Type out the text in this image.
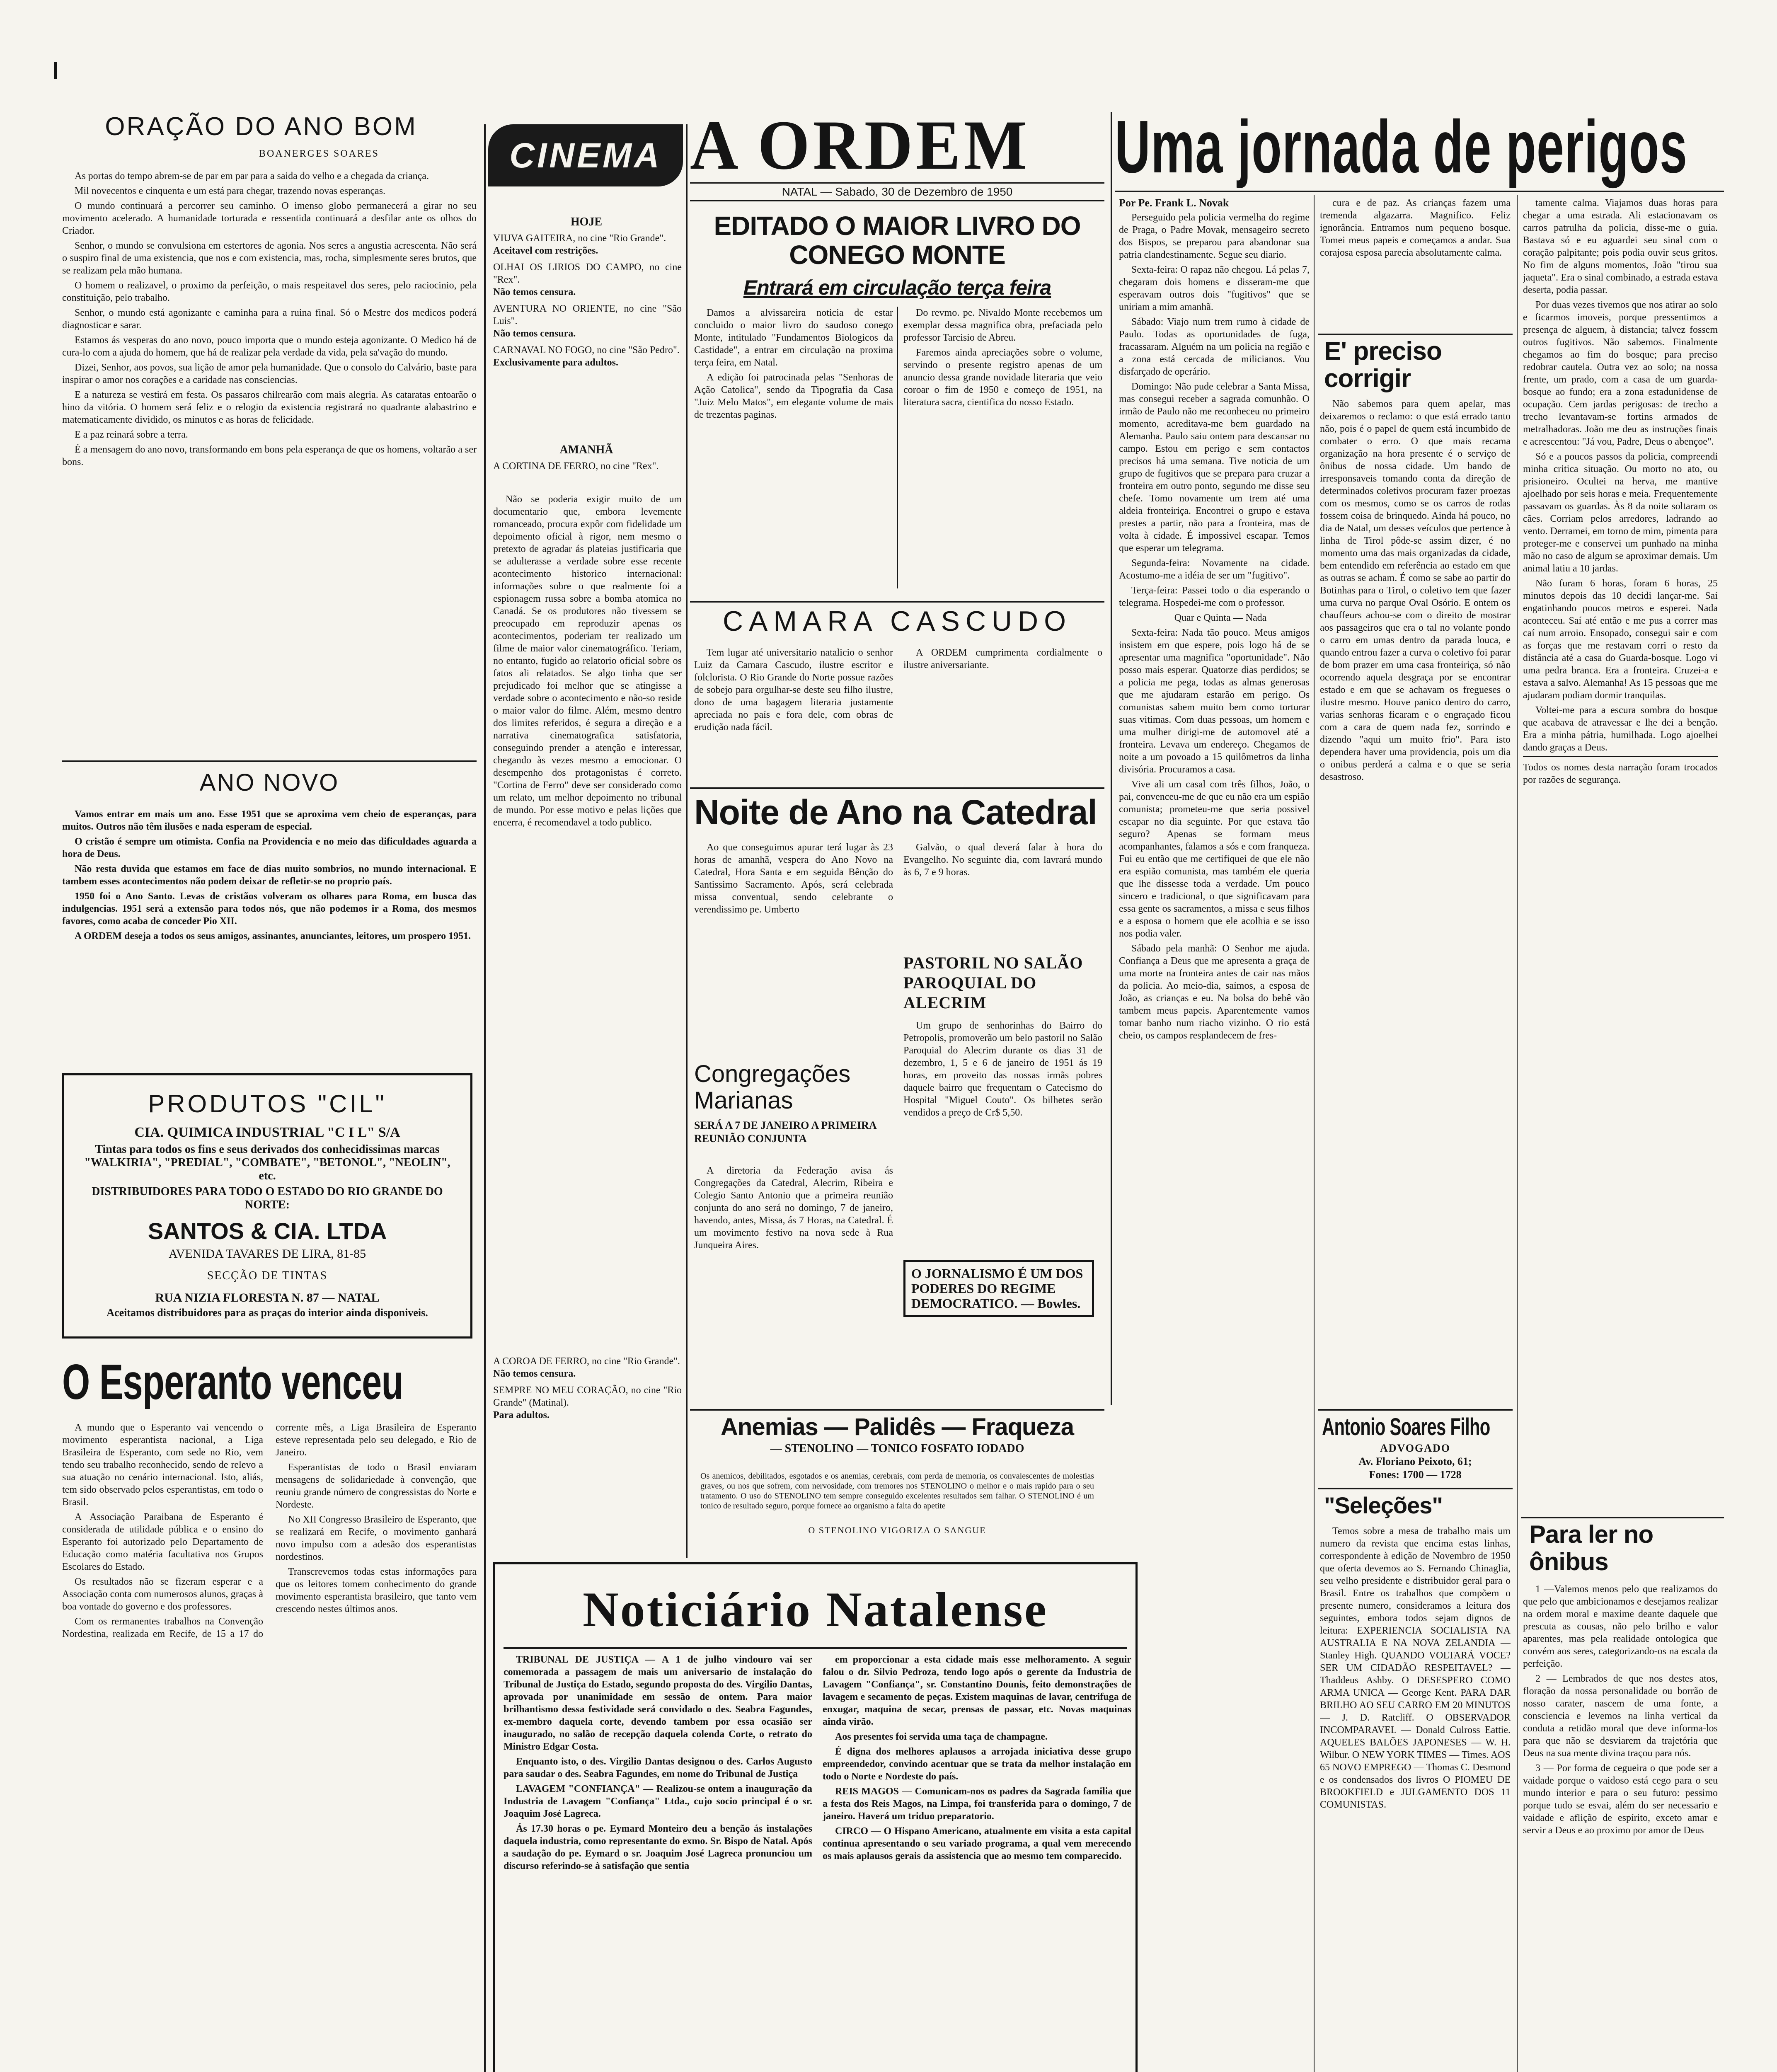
ORAÇÃO DO ANO BOM
BOANERGES SOARES

As portas do tempo abrem-se de par em par para a saida do velho e a chegada da criança.

Mil novecentos e cinquenta e um está para chegar, trazendo novas esperanças.

O mundo continuará a percorrer seu caminho. O imenso globo permanecerá a girar no seu movimento acelerado. A humanidade torturada e ressentida continuará a desfilar ante os olhos do Criador.

Senhor, o mundo se convulsiona em estertores de agonia. Nos seres a angustia acrescenta. Não será o suspiro final de uma existencia, que nos e com existencia, mas, rocha, simplesmente seres brutos, que se realizam pela mão humana.

O homem o realizavel, o proximo da perfeição, o mais respeitavel dos seres, pelo raciocinio, pela constituição, pelo trabalho.

Senhor, o mundo está agonizante e caminha para a ruina final. Só o Mestre dos medicos poderá diagnosticar e sarar.

Estamos ás vesperas do ano novo, pouco importa que o mundo esteja agonizante. O Medico há de cura-lo com a ajuda do homem, que há de realizar pela verdade da vida, pela sa'vação do mundo.

Dizei, Senhor, aos povos, sua lição de amor pela humanidade. Que o consolo do Calvário, baste para inspirar o amor nos corações e a caridade nas consciencias.

E a natureza se vestirá em festa. Os passaros chilrearão com mais alegria. As cataratas entoarão o hino da vitória. O homem será feliz e o relogio da existencia registrará no quadrante alabastrino e matematicamente dividido, os minutos e as horas de felicidade.

E a paz reinará sobre a terra.

É a mensagem do ano novo, transformando em bons pela esperança de que os homens, voltarão a ser bons.

ANO NOVO

Vamos entrar em mais um ano. Esse 1951 que se aproxima vem cheio de esperanças, para muitos. Outros não têm ilusões e nada esperam de especial.

O cristão é sempre um otimista. Confia na Providencia e no meio das dificuldades aguarda a hora de Deus.

Não resta duvida que estamos em face de dias muito sombrios, no mundo internacional. E tambem esses acontecimentos não podem deixar de refletir-se no proprio país.

1950 foi o Ano Santo. Levas de cristãos volveram os olhares para Roma, em busca das indulgencias. 1951 será a extensão para todos nós, que não podemos ir a Roma, dos mesmos favores, como acaba de conceder Pio XII.

A ORDEM deseja a todos os seus amigos, assinantes, anunciantes, leitores, um prospero 1951.

PRODUTOS "CIL"
CIA. QUIMICA INDUSTRIAL "C I L" S/A
Tintas para todos os fins e seus derivados dos conhecidissimas marcas "WALKIRIA", "PREDIAL", "COMBATE", "BETONOL", "NEOLIN", etc.
DISTRIBUIDORES PARA TODO O ESTADO DO RIO GRANDE DO NORTE:
SANTOS & CIA. LTDA
AVENIDA TAVARES DE LIRA, 81-85
SECÇÃO DE TINTAS
RUA NIZIA FLORESTA N. 87 — NATAL
Aceitamos distribuidores para as praças do interior ainda disponiveis.
O Esperanto venceu

A mundo que o Esperanto vai vencendo o movimento esperantista nacional, a Liga Brasileira de Esperanto, com sede no Rio, vem tendo seu trabalho reconhecido, sendo de relevo a sua atuação no cenário internacional. Isto, aliás, tem sido observado pelos esperantistas, em todo o Brasil.

A Associação Paraibana de Esperanto é considerada de utilidade pública e o ensino do Esperanto foi autorizado pelo Departamento de Educação como matéria facultativa nos Grupos Escolares do Estado.

Os resultados não se fizeram esperar e a Associação conta com numerosos alunos, graças à boa vontade do governo e dos professores.

Com os rermanentes trabalhos na Convenção Nordestina, realizada em Recife, de 15 a 17 do corrente mês, a Liga Brasileira de Esperanto esteve representada pelo seu delegado, e Rio de Janeiro.

Esperantistas de todo o Brasil enviaram mensagens de solidariedade à convenção, que reuniu grande número de congressistas do Norte e Nordeste.

No XII Congresso Brasileiro de Esperanto, que se realizará em Recife, o movimento ganhará novo impulso com a adesão dos esperantistas nordestinos.

Transcrevemos todas estas informações para que os leitores tomem conhecimento do grande movimento esperantista brasileiro, que tanto vem crescendo nestes últimos anos.

CINEMA
HOJE
VIUVA GAITEIRA, no cine "Rio Grande".
Aceitavel com restrições.
OLHAI OS LIRIOS DO CAMPO, no cine "Rex".
Não temos censura.
AVENTURA NO ORIENTE, no cine "São Luis".
Não temos censura.
CARNAVAL NO FOGO, no cine "São Pedro".
Exclusivamente para adultos.
AMANHÃ
A CORTINA DE FERRO, no cine "Rex".

Não se poderia exigir muito de um documentario que, embora levemente romanceado, procura expôr com fidelidade um depoimento oficial à rigor, nem mesmo o pretexto de agradar ás plateias justificaria que se adulterasse a verdade sobre esse recente acontecimento historico internacional: informações sobre o que realmente foi a espionagem russa sobre a bomba atomica no Canadá. Se os produtores não tivessem se preocupado em reproduzir apenas os acontecimentos, poderiam ter realizado um filme de maior valor cinematográfico. Teriam, no entanto, fugido ao relatorio oficial sobre os fatos ali relatados. Se algo tinha que ser prejudicado foi melhor que se atingisse a verdade sobre o acontecimento e não-so reside o maior valor do filme. Além, mesmo dentro dos limites referidos, é segura a direção e a narrativa cinematografica satisfatoria, conseguindo prender a atenção e interessar, chegando às vezes mesmo a emocionar. O desempenho dos protagonistas é correto. "Cortina de Ferro" deve ser considerado como um relato, um melhor depoimento no tribunal de mundo. Por esse motivo e pelas lições que encerra, é recomendavel a todo publico.

A COROA DE FERRO, no cine "Rio Grande".
Não temos censura.
SEMPRE NO MEU CORAÇÃO, no cine "Rio Grande" (Matinal).
Para adultos.
A ORDEM
NATAL — Sabado, 30 de Dezembro de 1950
EDITADO O MAIOR LIVRO DO CONEGO MONTE
Entrará em circulação terça feira

Damos a alvissareira noticia de estar concluido o maior livro do saudoso conego Monte, intitulado "Fundamentos Biologicos da Castidade", a entrar em circulação na proxima terça feira, em Natal.

A edição foi patrocinada pelas "Senhoras de Ação Catolica", sendo da Tipografia da Casa "Juiz Melo Matos", em elegante volume de mais de trezentas paginas.

Do revmo. pe. Nivaldo Monte recebemos um exemplar dessa magnifica obra, prefaciada pelo professor Tarcisio de Abreu.

Faremos ainda apreciações sobre o volume, servindo o presente registro apenas de um anuncio dessa grande novidade literaria que veio coroar o fim de 1950 e começo de 1951, na literatura sacra, cientifica do nosso Estado.

CAMARA CASCUDO

Tem lugar até universitario natalicio o senhor Luiz da Camara Cascudo, ilustre escritor e folclorista. O Rio Grande do Norte possue razões de sobejo para orgulhar-se deste seu filho ilustre, dono de uma bagagem literaria justamente apreciada no país e fora dele, com obras de erudição nada fácil.

A ORDEM cumprimenta cordialmente o ilustre aniversariante.

Noite de Ano na Catedral

Ao que conseguimos apurar terá lugar às 23 horas de amanhã, vespera do Ano Novo na Catedral, Hora Santa e em seguida Bênção do Santissimo Sacramento. Após, será celebrada missa conventual, sendo celebrante o verendissimo pe. Umberto

Galvão, o qual deverá falar à hora do Evangelho. No seguinte dia, com lavrará mundo às 6, 7 e 9 horas.

PASTORIL NO SALÃO PAROQUIAL DO ALECRIM

Um grupo de senhorinhas do Bairro do Petropolis, promoverão um belo pastoril no Salão Paroquial do Alecrim durante os dias 31 de dezembro, 1, 5 e 6 de janeiro de 1951 ás 19 horas, em proveito das nossas irmãs pobres daquele bairro que frequentam o Catecismo do Hospital "Miguel Couto". Os bilhetes serão vendidos a preço de Cr$ 5,50.

Congregações Marianas
SERÁ A 7 DE JANEIRO A PRIMEIRA REUNIÃO CONJUNTA

A diretoria da Federação avisa ás Congregações da Catedral, Alecrim, Ribeira e Colegio Santo Antonio que a primeira reunião conjunta do ano será no domingo, 7 de janeiro, havendo, antes, Missa, ás 7 Horas, na Catedral. É um movimento festivo na nova sede à Rua Junqueira Aires.

O JORNALISMO É UM DOS PODERES DO REGIME DEMOCRATICO. — Bowles.
Anemias — Palidês — Fraqueza
— STENOLINO — TONICO FOSFATO IODADO
Os anemicos, debilitados, esgotados e os anemias, cerebrais, com perda de memoria, os convalescentes de molestias graves, ou nos que sofrem, com nervosidade, com tremores nos STENOLINO o melhor e o mais rapido para o seu tratamento. O uso do STENOLINO tem sempre conseguido excelentes resultados sem falhar. O STENOLINO é um tonico de resultado seguro, porque fornece ao organismo a falta do apetite
O STENOLINO VIGORIZA O SANGUE
Noticiário Natalense

TRIBUNAL DE JUSTIÇA — A 1 de julho vindouro vai ser comemorada a passagem de mais um aniversario de instalação do Tribunal de Justiça do Estado, segundo proposta do des. Virgilio Dantas, aprovada por unanimidade em sessão de ontem. Para maior brilhantismo dessa festividade será convidado o des. Seabra Fagundes, ex-membro daquela corte, devendo tambem por essa ocasião ser inaugurado, no salão de recepção daquela colenda Corte, o retrato do Ministro Edgar Costa.

Enquanto isto, o des. Virgilio Dantas designou o des. Carlos Augusto para saudar o des. Seabra Fagundes, em nome do Tribunal de Justiça

LAVAGEM "CONFIANÇA" — Realizou-se ontem a inauguração da Industria de Lavagem "Confiança" Ltda., cujo socio principal é o sr. Joaquim José Lagreca.

Ás 17.30 horas o pe. Eymard Monteiro deu a benção ás instalações daquela industria, como representante do exmo. Sr. Bispo de Natal. Após a saudação do pe. Eymard o sr. Joaquim José Lagreca pronunciou um discurso referindo-se à satisfação que sentia

em proporcionar a esta cidade mais esse melhoramento. A seguir falou o dr. Silvio Pedroza, tendo logo após o gerente da Industria de Lavagem "Confiança", sr. Constantino Dounis, feito demonstrações de lavagem e secamento de peças. Existem maquinas de lavar, centrifuga de enxugar, maquina de secar, prensas de passar, etc. Novas maquinas ainda virão.

Aos presentes foi servida uma taça de champagne.

É digna dos melhores aplausos a arrojada iniciativa desse grupo empreendedor, convindo acentuar que se trata da melhor instalação em todo o Norte e Nordeste do país.

REIS MAGOS — Comunicam-nos os padres da Sagrada familia que a festa dos Reis Magos, na Limpa, foi transferida para o domingo, 7 de janeiro. Haverá um triduo preparatorio.

CIRCO — O Hispano Americano, atualmente em visita a esta capital continua apresentando o seu variado programa, a qual vem merecendo os mais aplausos gerais da assistencia que ao mesmo tem comparecido.

Uma jornada de perigos
Por Pe. Frank L. Novak

Perseguido pela policia vermelha do regime de Praga, o Padre Movak, mensageiro secreto dos Bispos, se preparou para abandonar sua patria clandestinamente. Segue seu diario.

Sexta-feira: O rapaz não chegou. Lá pelas 7, chegaram dois homens e disseram-me que esperavam outros dois "fugitivos" que se uniriam a mim amanhã.

Sábado: Viajo num trem rumo à cidade de Paulo. Todas as oportunidades de fuga, fracassaram. Alguém na um policia na região e a zona está cercada de milicianos. Vou disfarçado de operário.

Domingo: Não pude celebrar a Santa Missa, mas consegui receber a sagrada comunhão. O irmão de Paulo não me reconheceu no primeiro momento, acreditava-me bem guardado na Alemanha. Paulo saiu ontem para descansar no campo. Estou em perigo e sem contactos precisos há uma semana. Tive noticia de um grupo de fugitivos que se prepara para cruzar a fronteira em outro ponto, segundo me disse seu chefe. Tomo novamente um trem até uma aldeia fronteiriça. Encontrei o grupo e estava prestes a partir, não para a fronteira, mas de volta à cidade. É impossivel escapar. Temos que esperar um telegrama.

Segunda-feira: Novamente na cidade. Acostumo-me a idéia de ser um "fugitivo".

Terça-feira: Passei todo o dia esperando o telegrama. Hospedei-me com o professor.

Quar e Quinta — Nada

Sexta-feira: Nada tão pouco. Meus amigos insistem em que espere, pois logo há de se apresentar uma magnifica "oportunidade". Não posso mais esperar. Quatorze dias perdidos; se a policia me pega, todas as almas generosas que me ajudaram estarão em perigo. Os comunistas sabem muito bem como torturar suas vitimas. Com duas pessoas, um homem e uma mulher dirigi-me de automovel até a fronteira. Levava um endereço. Chegamos de noite a um povoado a 15 quilômetros da linha divisória. Procuramos a casa.

Vive ali um casal com três filhos, João, o pai, convenceu-me de que eu não era um espião comunista; prometeu-me que seria possivel escapar no dia seguinte. Por que estava tão seguro? Apenas se formam meus acompanhantes, falamos a sós e com franqueza. Fui eu então que me certifiquei de que ele não era espião comunista, mas também ele queria que lhe dissesse toda a verdade. Um pouco sincero e tradicional, o que significavam para essa gente os sacramentos, a missa e seus filhos e a esposa o homem que ele acolhia e se isso nos podia valer.

Sábado pela manhã: O Senhor me ajuda. Confiança a Deus que me apresenta a graça de uma morte na fronteira antes de cair nas mãos da policia. Ao meio-dia, saímos, a esposa de João, as crianças e eu. Na bolsa do bebê vão tambem meus papeis. Aparentemente vamos tomar banho num riacho vizinho. O rio está cheio, os campos resplandecem de fres-

cura e de paz. As crianças fazem uma tremenda algazarra. Magnifico. Feliz ignorância. Entramos num pequeno bosque. Tomei meus papeis e começamos a andar. Sua corajosa esposa parecia absolutamente calma.

E' preciso corrigir

Não sabemos para quem apelar, mas deixaremos o reclamo: o que está errado tanto não, pois é o papel de quem está incumbido de combater o erro. O que mais recama organização na hora presente é o serviço de ônibus de nossa cidade. Um bando de irresponsaveis tomando conta da direção de determinados coletivos procuram fazer proezas com os mesmos, como se os carros de rodas fossem coisa de brinquedo. Ainda há pouco, no dia de Natal, um desses veículos que pertence à linha de Tirol pôde-se assim dizer, é no momento uma das mais organizadas da cidade, bem entendido em referência ao estado em que as outras se acham. É como se sabe ao partir do Botinhas para o Tirol, o coletivo tem que fazer uma curva no parque Oval Osório. E ontem os chauffeurs achou-se com o direito de mostrar aos passageiros que era o tal no volante pondo o carro em umas dentro da parada louca, e quando entrou fazer a curva o coletivo foi parar de bom prazer em uma casa fronteiriça, só não ocorrendo aquela desgraça por se encontrar estado e em que se achavam os fregueses o ilustre mesmo. Houve panico dentro do carro, varias senhoras ficaram e o engraçado ficou com a cara de quem nada fez, sorrindo e dizendo "aqui um muito frio". Para isto dependera haver uma providencia, pois um dia o onibus perderá a calma e o que se seria desastroso.

Antonio Soares Filho
ADVOGADO
Av. Floriano Peixoto, 61;
Fones: 1700 — 1728
"Seleções"

Temos sobre a mesa de trabalho mais um numero da revista que encima estas linhas, correspondente à edição de Novembro de 1950 que oferta devemos ao S. Fernando Chinaglia, seu velho presidente e distribuidor geral para o Brasil. Entre os trabalhos que compõem o presente numero, consideramos a leitura dos seguintes, embora todos sejam dignos de leitura: EXPERIENCIA SOCIALISTA NA AUSTRALIA E NA NOVA ZELANDIA — Stanley High. QUANDO VOLTARÁ VOCE? SER UM CIDADÃO RESPEITAVEL? — Thaddeus Ashby. O DESESPERO COMO ARMA UNICA — George Kent. PARA DAR BRILHO AO SEU CARRO EM 20 MINUTOS — J. D. Ratcliff. O OBSERVADOR INCOMPARAVEL — Donald Culross Eattie. AQUELES BALÕES JAPONESES — W. H. Wilbur. O NEW YORK TIMES — Times. AOS 65 NOVO EMPREGO — Thomas C. Desmond e os condensados dos livros O PIOMEU DE BROOKFIELD e JULGAMENTO DOS 11 COMUNISTAS.

tamente calma. Viajamos duas horas para chegar a uma estrada. Ali estacionavam os carros patrulha da policia, disse-me o guia. Bastava só e eu aguardei seu sinal com o coração palpitante; pois podia ouvir seus gritos. No fim de alguns momentos, João "tirou sua jaqueta". Era o sinal combinado, a estrada estava deserta, podia passar.

Por duas vezes tivemos que nos atirar ao solo e ficarmos imoveis, porque pressentimos a presença de alguem, à distancia; talvez fossem outros fugitivos. Não sabemos. Finalmente chegamos ao fim do bosque; para preciso redobrar cautela. Outra vez ao solo; na nossa frente, um prado, com a casa de um guarda-bosque ao fundo; era a zona estadunidense de ocupação. Cem jardas perigosas: de trecho a trecho levantavam-se fortins armados de metralhadoras. João me deu as instruções finais e acrescentou: "Já vou, Padre, Deus o abençoe".

Só e a poucos passos da policia, compreendi minha critica situação. Ou morto no ato, ou prisioneiro. Ocultei na herva, me mantive ajoelhado por seis horas e meia. Frequentemente passavam os guardas. Às 8 da noite soltaram os cães. Corriam pelos arredores, ladrando ao vento. Derramei, em torno de mim, pimenta para proteger-me e conservei um punhado na minha mão no caso de algum se aproximar demais. Um animal latiu a 10 jardas.

Não furam 6 horas, foram 6 horas, 25 minutos depois das 10 decidi lançar-me. Saí engatinhando poucos metros e esperei. Nada aconteceu. Saí até então e me pus a correr mas caí num arroio. Ensopado, consegui sair e com as forças que me restavam corri o resto da distância até a casa do Guarda-bosque. Logo vi uma pedra branca. Era a fronteira. Cruzei-a e estava a salvo. Alemanha! As 15 pessoas que me ajudaram podiam dormir tranquilas.

Voltei-me para a escura sombra do bosque que acabava de atravessar e lhe dei a benção. Era a minha pátria, humilhada. Logo ajoelhei dando graças a Deus.

Todos os nomes desta narração foram trocados por razões de segurança.

Para ler no ônibus

1 —Valemos menos pelo que realizamos do que pelo que ambicionamos e desejamos realizar na ordem moral e maxime deante daquele que prescuta as cousas, não pelo brilho e valor aparentes, mas pela realidade ontologica que convém aos seres, categorizando-os na escala da perfeição.

2 — Lembrados de que nos destes atos, floração da nossa personalidade ou borrão de nosso carater, nascem de uma fonte, a consciencia e levemos na linha vertical da conduta a retidão moral que deve informa-los para que não se desviarem da trajetória que Deus na sua mente divina traçou para nós.

3 — Por forma de cegueira o que pode ser a vaidade porque o vaidoso está cego para o seu mundo interior e para o seu futuro: pessimo porque tudo se esvai, além do ser necessario e vaidade e aflição de espírito, exceto amar e servir a Deus e ao proximo por amor de Deus
